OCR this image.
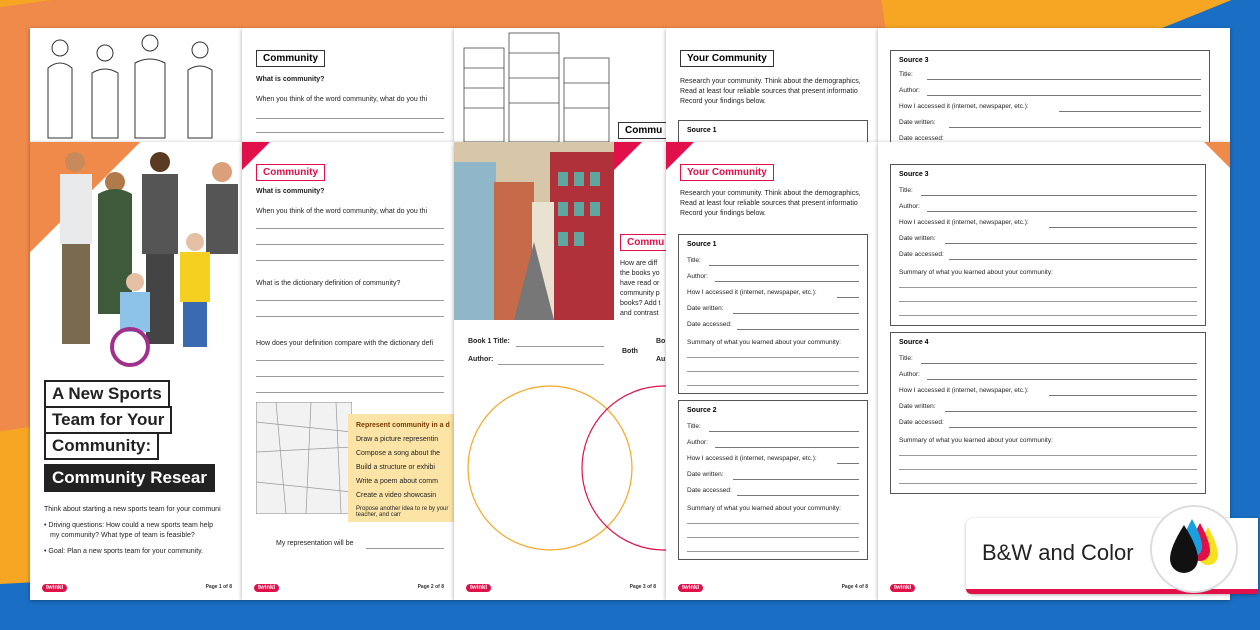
Community
What is community?
When you think of the word community, what do you thi
Commu
Your Community
Research your community. Think about the demographics,
Read at least four reliable sources that present informatio
Record your findings below.
Source 1
Source 3
Title:
Author:
How I accessed it (internet, newspaper, etc.):
Date written:
Date accessed:
A New Sports
Team for Your
Community:
Community Resear
Think about starting a new sports team for your communi
• Driving questions: How could a new sports team help
my community? What type of team is feasible?
• Goal: Plan a new sports team for your community.
twinkl	Page 1 of 8
Community
What is community?
When you think of the word community, what do you thi
What is the dictionary definition of community?
How does your definition compare with the dictionary defi
Represent community in a d
Draw a picture representin
Compose a song about the
Build a structure or exhibi
Write a poem about comm
Create a video showcasin
Propose another idea to re by your teacher, and carr
My representation will be
twinkl	Page 2 of 8
Commu
How are diff
the books yo
have read or
community p
books? Add t
and contrast
Book 1 Title:
Author:
Both
Bo
Au
twinkl	Page 3 of 8
Your Community
Research your community. Think about the demographics,
Read at least four reliable sources that present informatio
Record your findings below.
Source 1
Title:
Author:
How I accessed it (internet, newspaper, etc.):
Date written:
Date accessed:
Summary of what you learned about your community:
Source 2
Title:
Author:
How I accessed it (internet, newspaper, etc.):
Date written:
Date accessed:
Summary of what you learned about your community:
twinkl	Page 4 of 8
Source 3
Title:
Author:
How I accessed it (internet, newspaper, etc.):
Date written:
Date accessed:
Summary of what you learned about your community:
Source 4
Title:
Author:
How I accessed it (internet, newspaper, etc.):
Date written:
Date accessed:
Summary of what you learned about your community:
twinkl
B&W and Color
